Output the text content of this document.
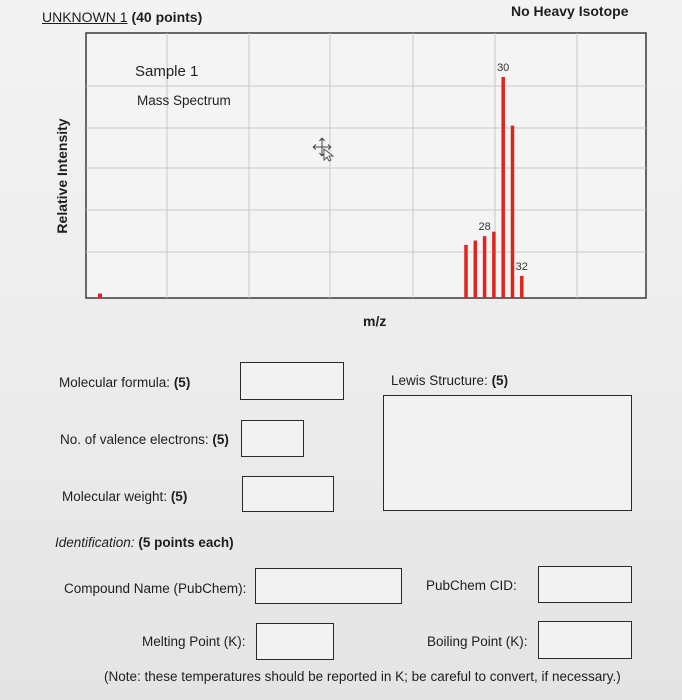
UNKNOWN 1 (40 points)	No Heavy Isotope
Sample 1
Mass Spectrum
28
30
32
Relative Intensity
m/z
Molecular formula: (5)	Lewis Structure: (5)
No. of valence electrons: (5)
Molecular weight: (5)
Identification: (5 points each)
Compound Name (PubChem):	PubChem CID:
Melting Point (K):	Boiling Point (K):
(Note: these temperatures should be reported in K; be careful to convert, if necessary.)
